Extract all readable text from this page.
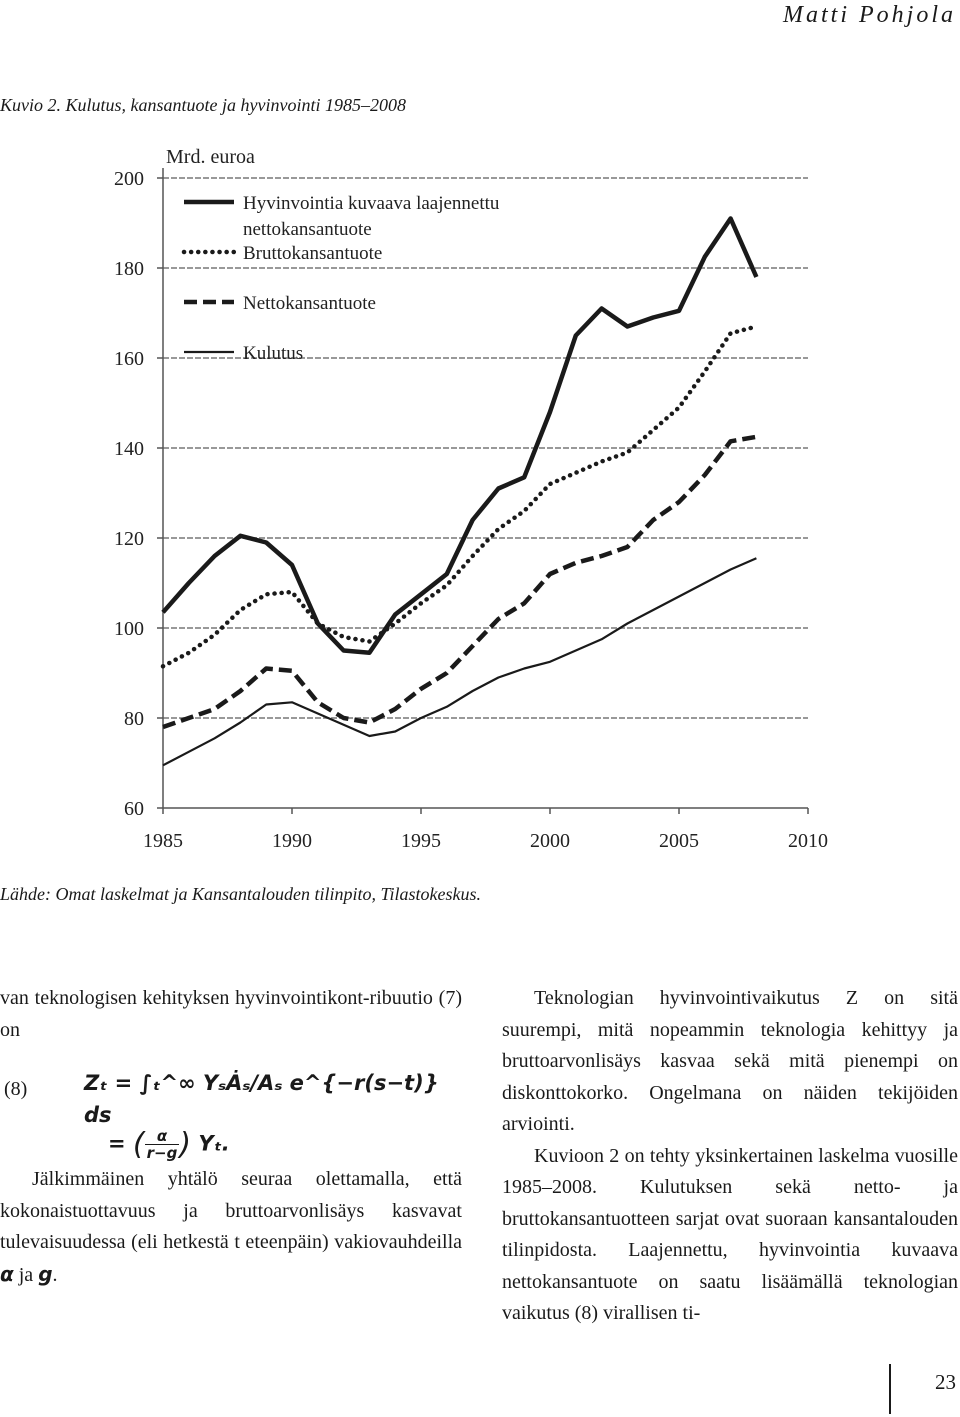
Matti Pohjola
Kuvio 2. Kulutus, kansantuote ja hyvinvointi 1985–2008
60
80
100
120
140
160
180
200
1985	1990	1995	2000	2005	2010
Mrd. euroa
Hyvinvointia kuvaava laajennettu
nettokansantuote
Bruttokansantuote
Nettokansantuote
Kulutus
Lähde: Omat laskelmat ja Kansantalouden tilinpito, Tilastokeskus.

van teknologisen kehityksen hyvinvointikont-ribuutio (7) on

(8)	Zₜ = ∫ₜ^∞ YₛȦₛ/Aₛ e^{−r(s−t)} ds
= ( $\frac{\alpha}{r-g}$ ) Yₜ.

Jälkimmäinen yhtälö seuraa olettamalla, että kokonaistuottavuus ja bruttoarvonlisäys kasvavat tulevaisuudessa (eli hetkestä t eteenpäin) vakiovauhdeilla α ja g.

Teknologian hyvinvointivaikutus Z on sitä suurempi, mitä nopeammin teknologia kehittyy ja bruttoarvonlisäys kasvaa sekä mitä pienempi on diskonttokorko. Ongelmana on näiden tekijöiden arviointi.

Kuvioon 2 on tehty yksinkertainen laskelma vuosille 1985–2008. Kulutuksen sekä netto- ja bruttokansantuotteen sarjat ovat suoraan kansantalouden tilinpidosta. Laajennettu, hyvinvointia kuvaava nettokansantuote on saatu lisäämällä teknologian vaikutus (8) virallisen ti-

23
